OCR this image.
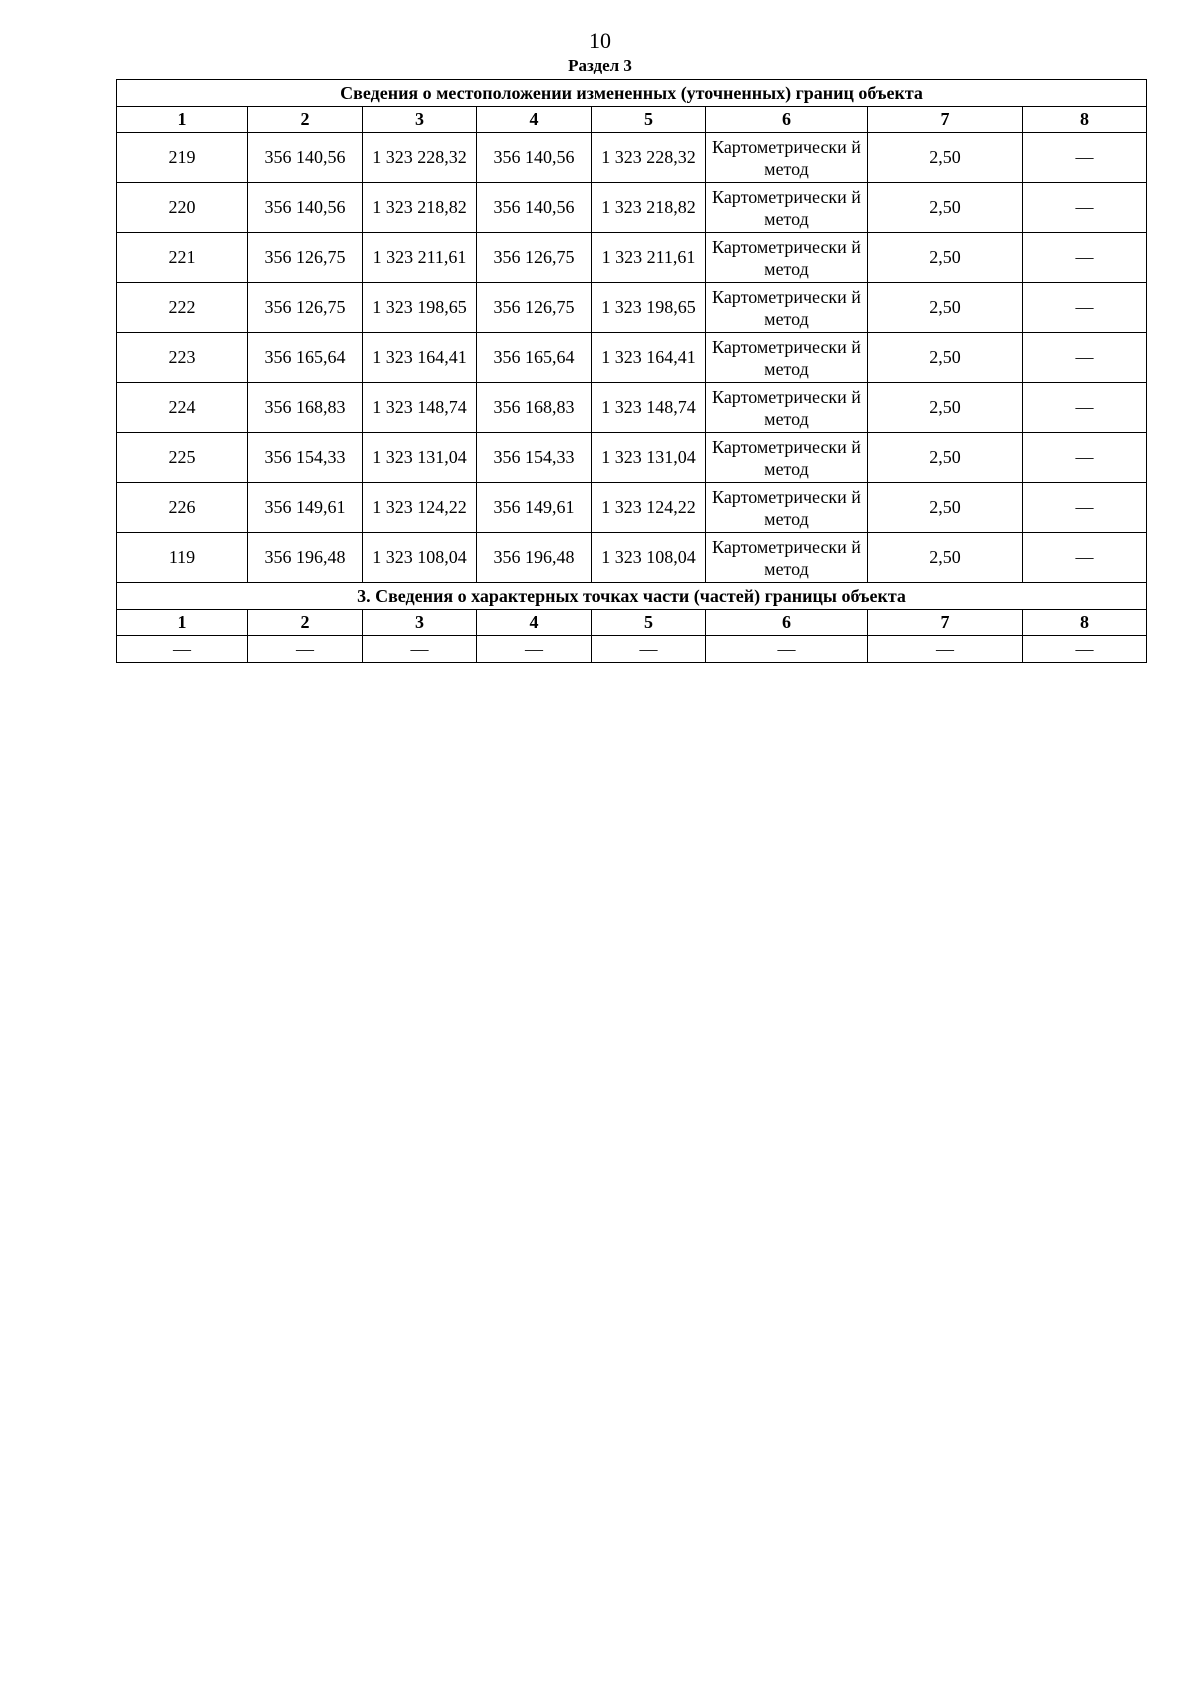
10
Раздел 3
Сведения о местоположении измененных (уточненных) границ объекта							
1	2	3	4	5	6	7	8
219	356 140,56	1 323 228,32	356 140,56	1 323 228,32	Картометрически й метод	2,50	—
220	356 140,56	1 323 218,82	356 140,56	1 323 218,82	Картометрически й метод	2,50	—
221	356 126,75	1 323 211,61	356 126,75	1 323 211,61	Картометрически й метод	2,50	—
222	356 126,75	1 323 198,65	356 126,75	1 323 198,65	Картометрически й метод	2,50	—
223	356 165,64	1 323 164,41	356 165,64	1 323 164,41	Картометрически й метод	2,50	—
224	356 168,83	1 323 148,74	356 168,83	1 323 148,74	Картометрически й метод	2,50	—
225	356 154,33	1 323 131,04	356 154,33	1 323 131,04	Картометрически й метод	2,50	—
226	356 149,61	1 323 124,22	356 149,61	1 323 124,22	Картометрически й метод	2,50	—
119	356 196,48	1 323 108,04	356 196,48	1 323 108,04	Картометрически й метод	2,50	—
3. Сведения о характерных точках части (частей) границы объекта							
1	2	3	4	5	6	7	8
—	—	—	—	—	—	—	—
